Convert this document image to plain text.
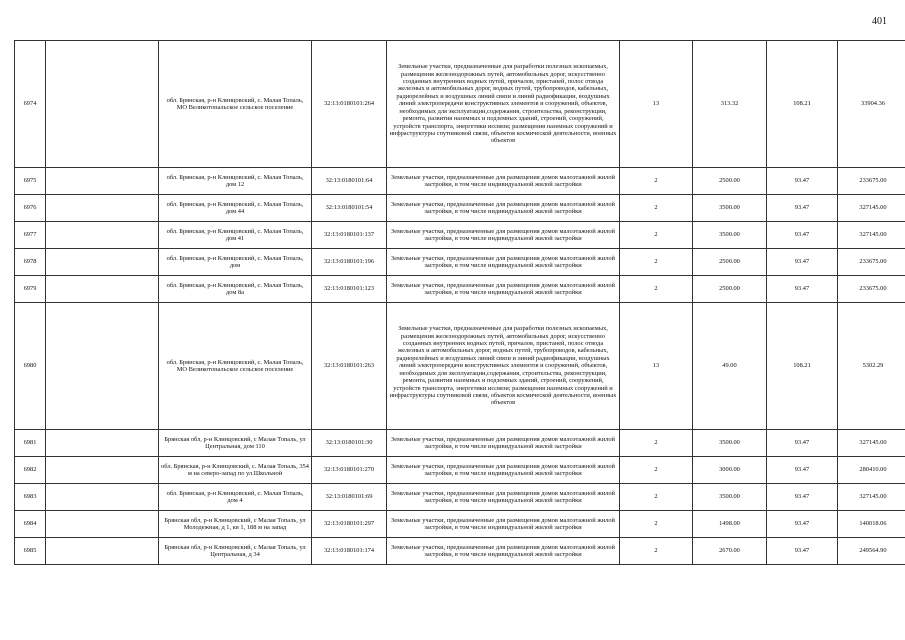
401
6974		обл. Брянская, р-н Клинцовский, с. Малая Топаль, МО Великотопальское сельское поселение	32:13:0180101:264	Земельные участки, предназначенные для разработки полезных ископаемых, размещения железнодорожных путей, автомобильных дорог, искусственно созданных внутренних водных путей, причалов, пристаней, полос отвода железных и автомобильных дорог, водных путей, трубопроводов, кабельных, радиорелейных и воздушных линий связи и линий радиофикации, воздушных линий электропередачи конструктивных элементов и сооружений, объектов, необходимых для эксплуатации,содержания, строительства, реконструкции, ремонта, развития наземных и подземных зданий, строений, сооружений, устройств транспорта, энергетики иссвязи; размещения наземных сооружений и инфраструктуры спутниковой связи, объектов космической деятельности, военных объектов	13	313.32	108.21	33904.36
6975		обл. Брянская, р-н Клинцовский, с. Малая Топаль, дом 12	32:13:0180101:64	Земельные участки, предназначенные для размещения домов малоэтажной жилой застройки, в том числе индивидуальной жилой застройки	2	2500.00	93.47	233675.00
6976		обл. Брянская, р-н Клинцовский, с. Малая Топаль, дом 44	32:13:0180101:54	Земельные участки, предназначенные для размещения домов малоэтажной жилой застройки, в том числе индивидуальной жилой застройки	2	3500.00	93.47	327145.00
6977		обл. Брянская, р-н Клинцовский, с. Малая Топаль, дом 41	32:13:0180101:137	Земельные участки, предназначенные для размещения домов малоэтажной жилой застройки, в том числе индивидуальной жилой застройки	2	3500.00	93.47	327145.00
6978		обл. Брянская, р-н Клинцовский, с. Малая Топаль, дом	32:13:0180101:196	Земельные участки, предназначенные для размещения домов малоэтажной жилой застройки, в том числе индивидуальной жилой застройки	2	2500.00	93.47	233675.00
6979		обл. Брянская, р-н Клинцовский, с. Малая Топаль, дом 8а	32:13:0180101:123	Земельные участки, предназначенные для размещения домов малоэтажной жилой застройки, в том числе индивидуальной жилой застройки	2	2500.00	93.47	233675.00
6980		обл. Брянская, р-н Клинцовский, с. Малая Топаль, МО Великотопальское сельское поселение	32:13:0180101:263	Земельные участки, предназначенные для разработки полезных ископаемых, размещения железнодорожных путей, автомобильных дорог, искусственно созданных внутренних водных путей, причалов, пристаней, полос отвода железных и автомобильных дорог, водных путей, трубопроводов, кабельных, радиорелейных и воздушных линий связи и линий радиофикации, воздушных линий электропередачи конструктивных элементов и сооружений, объектов, необходимых для эксплуатации,содержания, строительства, реконструкции, ремонта, развития наземных и подземных зданий, строений, сооружений, устройств транспорта, энергетики иссвязи; размещения наземных сооружений и инфраструктуры спутниковой связи, объектов космической деятельности, военных объектов	13	49.00	108.21	5302.29
6981		Брянская обл, р-н Клинцовский, с Малая Топаль, ул Центральная, дом 110	32:13:0180101:30	Земельные участки, предназначенные для размещения домов малоэтажной жилой застройки, в том числе индивидуальной жилой застройки	2	3500.00	93.47	327145.00
6982		обл. Брянская, р-н Клинцовский, с. Малая Топаль, 354 м на северо-запад по ул.Школьной	32:13:0180101:270	Земельные участки, предназначенные для размещения домов малоэтажной жилой застройки, в том числе индивидуальной жилой застройки	2	3000.00	93.47	280410.00
6983		обл. Брянская, р-н Клинцовский, с. Малая Топаль, дом 4	32:13:0180101:69	Земельные участки, предназначенные для размещения домов малоэтажной жилой застройки, в том числе индивидуальной жилой застройки	2	3500.00	93.47	327145.00
6984		Брянская обл, р-н Клинцовский, с Малая Топаль, ул Молодежная, д 1, кв 1, 188 м на запад	32:13:0180101:297	Земельные участки, предназначенные для размещения домов малоэтажной жилой застройки, в том числе индивидуальной жилой застройки	2	1498.00	93.47	140018.06
6985		Брянская обл, р-н Клинцовский, с Малая Топаль, ул Центральная, д 34	32:13:0180101:174	Земельные участки, предназначенные для размещения домов малоэтажной жилой застройки, в том числе индивидуальной жилой застройки	2	2670.00	93.47	249564.90
